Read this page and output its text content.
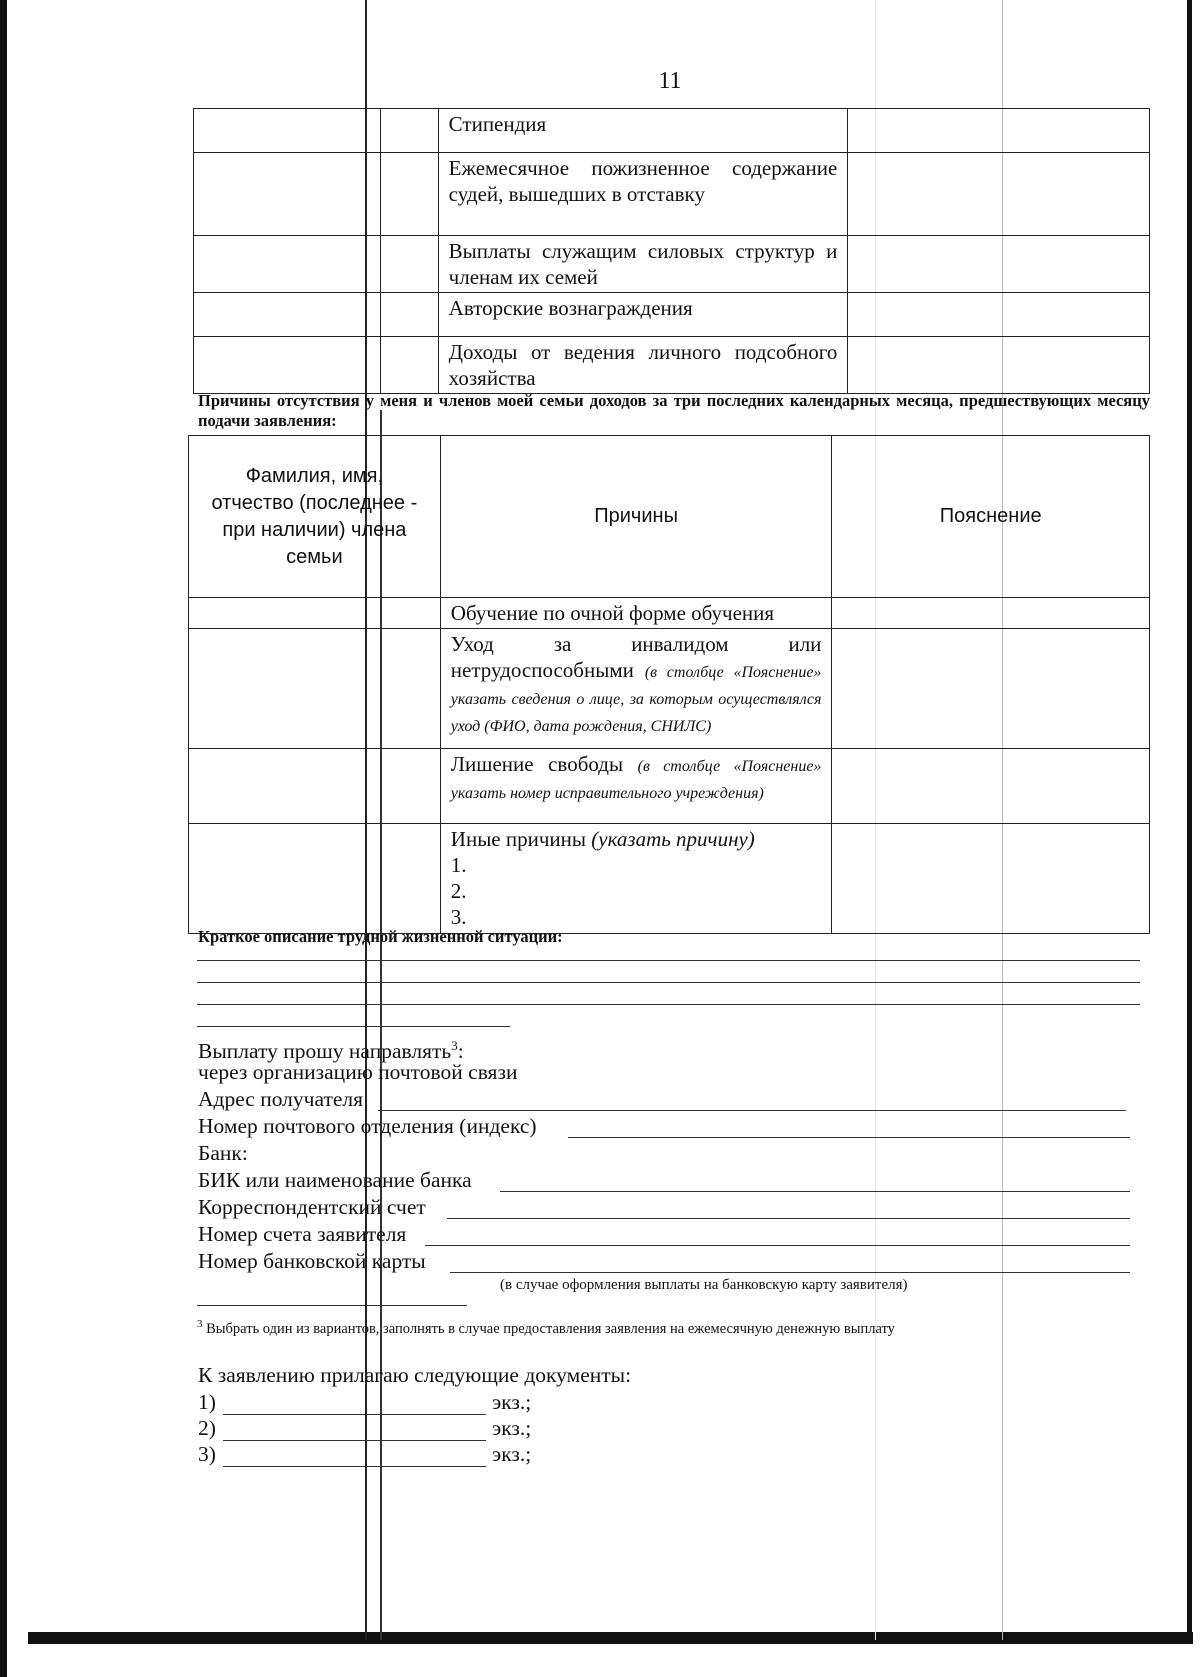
11
		Стипендия	

		Ежемесячное пожизненное содержание судей, вышедших в отставку	

		Выплаты служащим силовых структур и членам их семей	

		Авторские вознаграждения	

		Доходы от ведения личного подсобного хозяйства	

Причины отсутствия у меня и членов моей семьи доходов за три последних календарных месяца, предшествующих месяцу подачи заявления:
Фамилия, имя, отчество (последнее - при наличии) члена семьи	Причины	Пояснение
	Обучение по очной форме обучения	
	Уход за инвалидом или нетрудоспособными (в столбце «Пояснение» указать сведения о лице, за которым осуществлялся уход (ФИО, дата рождения, СНИЛС)	
	Лишение свободы (в столбце «Пояснение» указать номер исправительного учреждения)	

	Иные причины (указать причину)
1.
2.
3.	

Краткое описание трудной жизненной ситуации:
Выплату прошу направлять$^3$:
через организацию почтовой связи
Адрес получателя
Номер почтового отделения (индекс)
Банк:
БИК или наименование банка
Корреспондентский счет
Номер счета заявителя
Номер банковской карты
(в случае оформления выплаты на банковскую карту заявителя)
$^3$ Выбрать один из вариантов, заполнять в случае предоставления заявления на ежемесячную денежную выплату
К заявлению прилагаю следующие документы:
1)	экз.;
2)	экз.;
3)	экз.;
